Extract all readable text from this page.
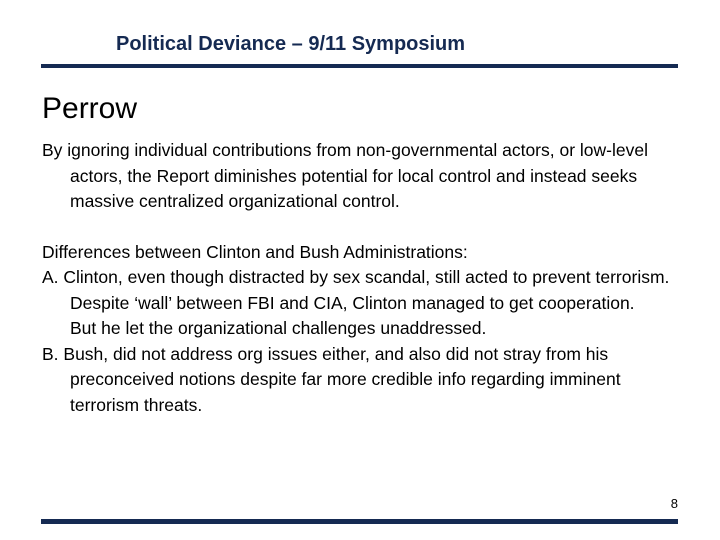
Political Deviance – 9/11 Symposium
Perrow

By ignoring individual contributions from non-governmental actors, or low-level actors, the Report diminishes potential for local control and instead seeks massive centralized organizational control.

Differences between Clinton and Bush Administrations:

A. Clinton, even though distracted by sex scandal, still acted to prevent terrorism.

Despite ‘wall’ between FBI and CIA, Clinton managed to get cooperation.

But he let the organizational challenges unaddressed.

B. Bush, did not address org issues either, and also did not stray from his preconceived notions despite far more credible info regarding imminent terrorism threats.

8
